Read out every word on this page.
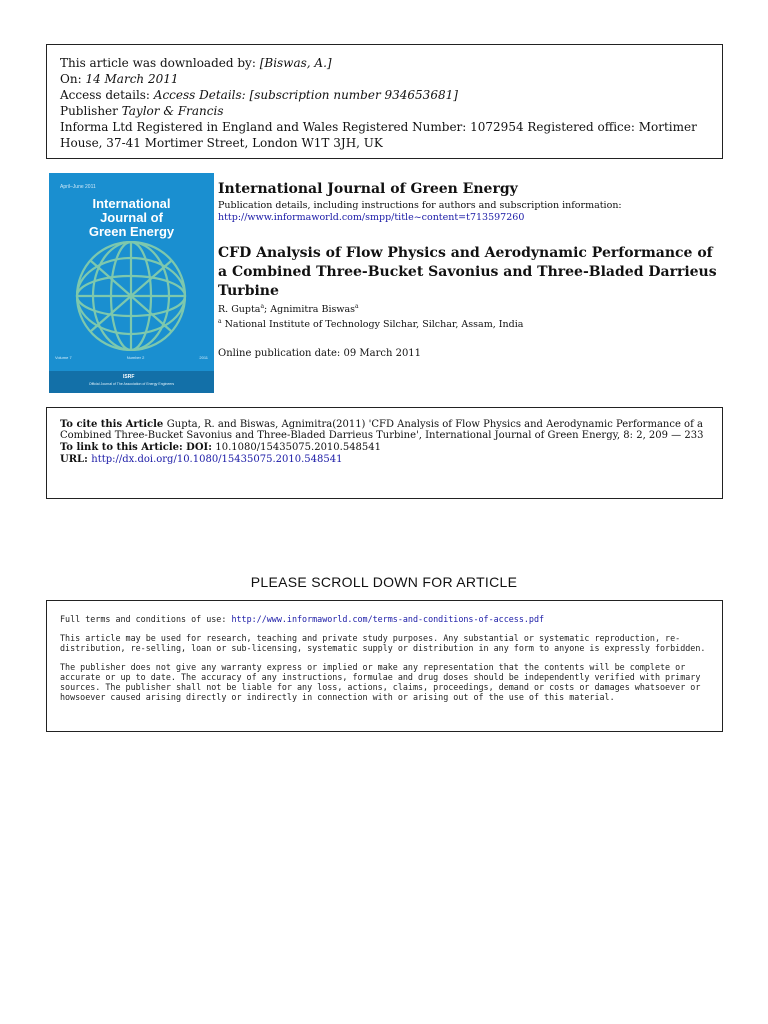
This article was downloaded by: [Biswas, A.]
On: 14 March 2011
Access details: Access Details: [subscription number 934653681]
Publisher Taylor & Francis
Informa Ltd Registered in England and Wales Registered Number: 1072954 Registered office: Mortimer House, 37-41 Mortimer Street, London W1T 3JH, UK
April–June 2011
International
Journal of
Green Energy
Volume 7	Number 2	2011
ISRF
Official Journal of The Association of Energy Engineers
International Journal of Green Energy
Publication details, including instructions for authors and subscription information:
http://www.informaworld.com/smpp/title~content=t713597260
CFD Analysis of Flow Physics and Aerodynamic Performance of a Combined Three-Bucket Savonius and Three-Bladed Darrieus Turbine
R. Gupta$^a$; Agnimitra Biswas$^a$
$^a$ National Institute of Technology Silchar, Silchar, Assam, India
Online publication date: 09 March 2011
To cite this Article Gupta, R. and Biswas, Agnimitra(2011) 'CFD Analysis of Flow Physics and Aerodynamic Performance of a Combined Three-Bucket Savonius and Three-Bladed Darrieus Turbine', International Journal of Green Energy, 8: 2, 209 — 233
To link to this Article: DOI: 10.1080/15435075.2010.548541
URL: http://dx.doi.org/10.1080/15435075.2010.548541
PLEASE SCROLL DOWN FOR ARTICLE

Full terms and conditions of use: http://www.informaworld.com/terms-and-conditions-of-access.pdf

This article may be used for research, teaching and private study purposes. Any substantial or systematic reproduction, re-distribution, re-selling, loan or sub-licensing, systematic supply or distribution in any form to anyone is expressly forbidden.

The publisher does not give any warranty express or implied or make any representation that the contents will be complete or accurate or up to date. The accuracy of any instructions, formulae and drug doses should be independently verified with primary sources. The publisher shall not be liable for any loss, actions, claims, proceedings, demand or costs or damages whatsoever or howsoever caused arising directly or indirectly in connection with or arising out of the use of this material.
